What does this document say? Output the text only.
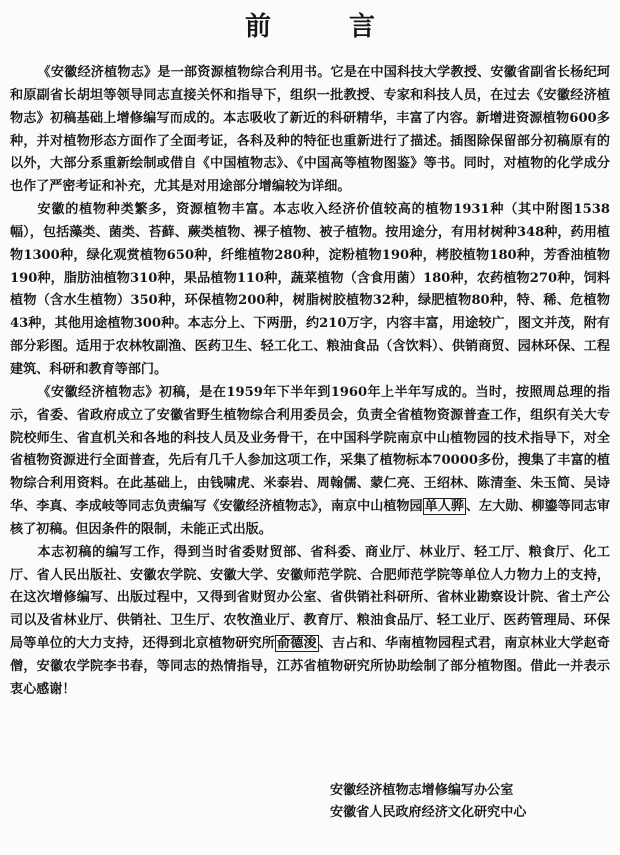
前　言

《安徽经济植物志》是一部资源植物综合利用书。它是在中国科技大学教授、安徽省副省长杨纪珂和原副省长胡坦等领导同志直接关怀和指导下，组织一批教授、专家和科技人员，在过去《安徽经济植物志》初稿基础上增修编写而成的。本志吸收了新近的科研精华，丰富了内容。新增进资源植物600多种，并对植物形态方面作了全面考证，各科及种的特征也重新进行了描述。插图除保留部分初稿原有的以外，大部分系重新绘制或借自《中国植物志》、《中国高等植物图鉴》等书。同时，对植物的化学成分也作了严密考证和补充，尤其是对用途部分增编较为详细。

安徽的植物种类繁多，资源植物丰富。本志收入经济价值较高的植物1931种（其中附图1538幅），包括藻类、菌类、苔藓、蕨类植物、裸子植物、被子植物。按用途分，有用材树种348种，药用植物1300种，绿化观赏植物650种，纤维植物280种，淀粉植物190种，栲胶植物180种，芳香油植物190种，脂肪油植物310种，果品植物110种，蔬菜植物（含食用菌）180种，农药植物270种，饲料植物（含水生植物）350种，环保植物200种，树脂树胶植物32种，绿肥植物80种，特、稀、危植物43种，其他用途植物300种。本志分上、下两册，约210万字，内容丰富，用途较广，图文并茂，附有部分彩图。适用于农林牧副渔、医药卫生、轻工化工、粮油食品（含饮料）、供销商贸、园林环保、工程建筑、科研和教育等部门。

《安徽经济植物志》初稿，是在1959年下半年到1960年上半年写成的。当时，按照周总理的指示，省委、省政府成立了安徽省野生植物综合利用委员会，负责全省植物资源普查工作，组织有关大专院校师生、省直机关和各地的科技人员及业务骨干，在中国科学院南京中山植物园的技术指导下，对全省植物资源进行全面普查，先后有几千人参加这项工作，采集了植物标本70000多份，搜集了丰富的植物综合利用资料。在此基础上，由钱啸虎、米泰岩、周翰儒、蒙仁亮、王绍林、陈清奎、朱玉简、吴诗华、李真、李成岐等同志负责编写《安徽经济植物志》，南京中山植物园 单人骅 、左大勋、柳鎏等同志审核了初稿。但因条件的限制，未能正式出版。

本志初稿的编写工作，得到当时省委财贸部、省科委、商业厅、林业厅、轻工厅、粮食厅、化工厅、省人民出版社、安徽农学院、安徽大学、安徽师范学院、合肥师范学院等单位人力物力上的支持，在这次增修编写、出版过程中，又得到省财贸办公室、省供销社科研所、省林业勘察设计院、省土产公司以及省林业厅、供销社、卫生厅、农牧渔业厅、教育厅、粮油食品厅、轻工业厅、医药管理局、环保局等单位的大力支持，还得到北京植物研究所 俞德浚 、吉占和、华南植物园程式君，南京林业大学赵奇僧，安徽农学院李书春，等同志的热情指导，江苏省植物研究所协助绘制了部分植物图。借此一并表示衷心感谢！

安徽经济植物志增修编写办公室
安徽省人民政府经济文化研究中心
